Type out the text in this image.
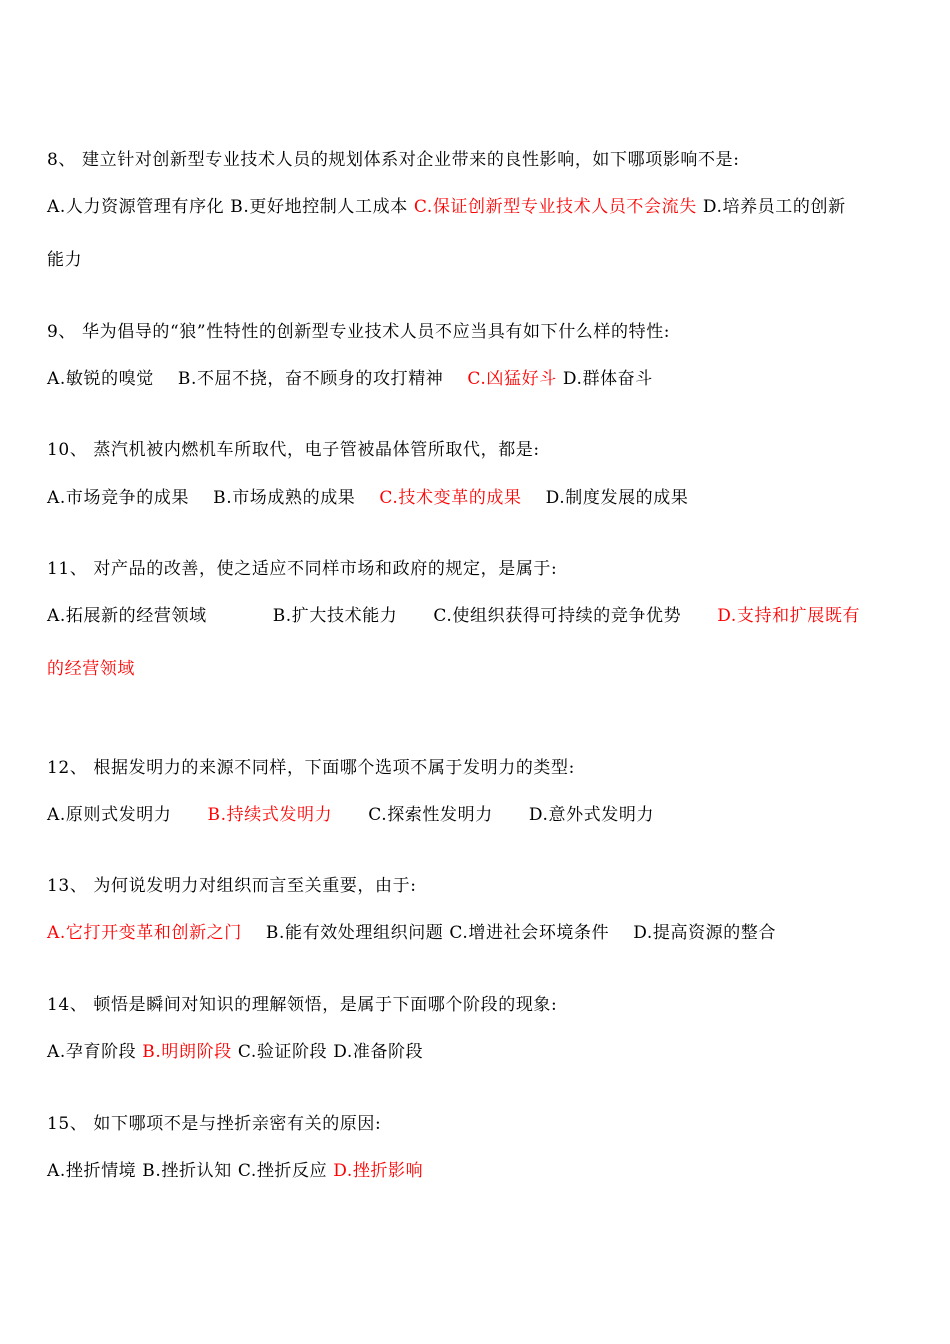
8、 建立针对创新型专业技术人员的规划体系对企业带来的良性影响，如下哪项影响不是:
A.人力资源管理有序化 B.更好地控制人工成本 C.保证创新型专业技术人员不会流失 D.培养员工的创新
能力
9、 华为倡导的“狼”性特性的创新型专业技术人员不应当具有如下什么样的特性:
A.敏锐的嗅觉 B.不屈不挠，奋不顾身的攻打精神 C.凶猛好斗 D.群体奋斗
10、 蒸汽机被内燃机车所取代，电子管被晶体管所取代，都是:
A.市场竞争的成果 B.市场成熟的成果 C.技术变革的成果 D.制度发展的成果
11、 对产品的改善，使之适应不同样市场和政府的规定，是属于:
A.拓展新的经营领域	B.扩大技术能力 C.使组织获得可持续的竞争优势 D.支持和扩展既有
的经营领域
12、 根据发明力的来源不同样，下面哪个选项不属于发明力的类型:
A.原则式发明力 B.持续式发明力 C.探索性发明力 D.意外式发明力
13、 为何说发明力对组织而言至关重要，由于:
A.它打开变革和创新之门 B.能有效处理组织问题 C.增进社会环境条件 D.提高资源的整合
14、 顿悟是瞬间对知识的理解领悟，是属于下面哪个阶段的现象:
A.孕育阶段 B.明朗阶段 C.验证阶段 D.准备阶段
15、 如下哪项不是与挫折亲密有关的原因:
A.挫折情境 B.挫折认知 C.挫折反应 D.挫折影响
